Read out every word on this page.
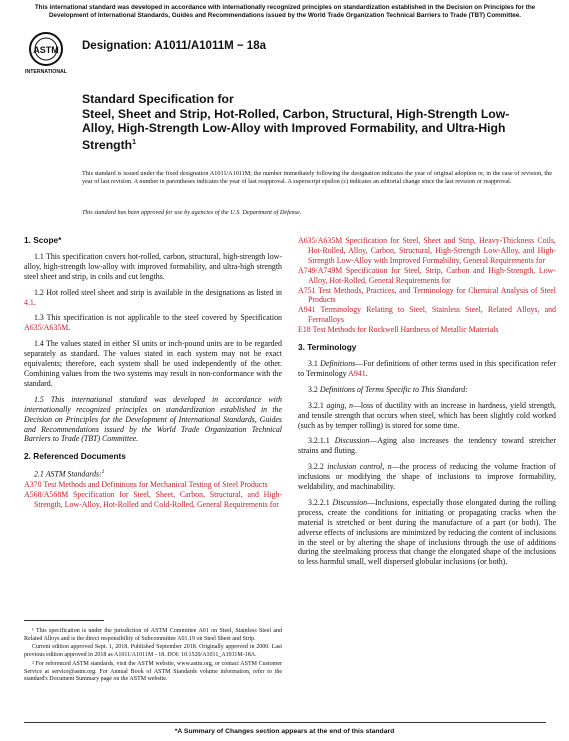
This international standard was developed in accordance with internationally recognized principles on standardization established in the Decision on Principles for the Development of International Standards, Guides and Recommendations issued by the World Trade Organization Technical Barriers to Trade (TBT) Committee.
ASTM
INTERNATIONAL
Designation: A1011/A1011M − 18a
Standard Specification for
Steel, Sheet and Strip, Hot-Rolled, Carbon, Structural, High-Strength Low-Alloy, High-Strength Low-Alloy with Improved Formability, and Ultra-High Strength$^1$
This standard is issued under the fixed designation A1011/A1011M; the number immediately following the designation indicates the year of original adoption or, in the case of revision, the year of last revision. A number in parentheses indicates the year of last reapproval. A superscript epsilon (ε) indicates an editorial change since the last revision or reapproval.
This standard has been approved for use by agencies of the U.S. Department of Defense.
1. Scope*

1.1 This specification covers hot-rolled, carbon, structural, high-strength low-alloy, high-strength low-alloy with improved formability, and ultra-high strength steel sheet and strip, in coils and cut lengths.

1.2 Hot rolled steel sheet and strip is available in the designations as listed in 4.1.

1.3 This specification is not applicable to the steel covered by Specification A635/A635M.

1.4 The values stated in either SI units or inch-pound units are to be regarded separately as standard. The values stated in each system may not be exact equivalents; therefore, each system shall be used independently of the other. Combining values from the two systems may result in non-conformance with the standard.

1.5 This international standard was developed in accordance with internationally recognized principles on standardization established in the Decision on Principles for the Development of International Standards, Guides and Recommendations issued by the World Trade Organization Technical Barriers to Trade (TBT) Committee.

2. Referenced Documents

2.1 ASTM Standards:$^2$

A370 Test Methods and Definitions for Mechanical Testing of Steel Products
A568/A568M Specification for Steel, Sheet, Carbon, Structural, and High-Strength, Low-Alloy, Hot-Rolled and Cold-Rolled, General Requirements for

¹ This specification is under the jurisdiction of ASTM Committee A01 on Steel, Stainless Steel and Related Alloys and is the direct responsibility of Subcommittee A01.19 on Steel Sheet and Strip.

Current edition approved Sept. 1, 2018. Published September 2018. Originally approved in 2000. Last previous edition approved in 2018 as A1011/A1011M - 18. DOI: 10.1520/A1011_A1011M-18A.

² For referenced ASTM standards, visit the ASTM website, www.astm.org, or contact ASTM Customer Service at service@astm.org. For Annual Book of ASTM Standards volume information, refer to the standard's Document Summary page on the ASTM website.

A635/A635M Specification for Steel, Sheet and Strip, Heavy-Thickness Coils, Hot-Rolled, Alloy, Carbon, Structural, High-Strength Low-Alloy, and High-Strength Low-Alloy with Improved Formability, General Requirements for
A749/A749M Specification for Steel, Strip, Carbon and High-Strength, Low-Alloy, Hot-Rolled, General Requirements for
A751 Test Methods, Practices, and Terminology for Chemical Analysis of Steel Products
A941 Terminology Relating to Steel, Stainless Steel, Related Alloys, and Ferroalloys
E18 Test Methods for Rockwell Hardness of Metallic Materials
3. Terminology

3.1 Definitions—For definitions of other terms used in this specification refer to Terminology A941.

3.2 Definitions of Terms Specific to This Standard:

3.2.1 aging, n—loss of ductility with an increase in hardness, yield strength, and tensile strength that occurs when steel, which has been slightly cold worked (such as by temper rolling) is stored for some time.

3.2.1.1 Discussion—Aging also increases the tendency toward stretcher strains and fluting.

3.2.2 inclusion control, n—the process of reducing the volume fraction of inclusions or modifying the shape of inclusions to improve formability, weldability, and machinability.

3.2.2.1 Discussion—Inclusions, especially those elongated during the rolling process, create the conditions for initiating or propagating cracks when the material is stretched or bent during the manufacture of a part (or both). The adverse effects of inclusions are minimized by reducing the content of inclusions in the steel or by altering the shape of inclusions through the use of additions during the steelmaking process that change the elongated shape of the inclusions to less harmful small, well dispersed globular inclusions (or both).

*A Summary of Changes section appears at the end of this standard
